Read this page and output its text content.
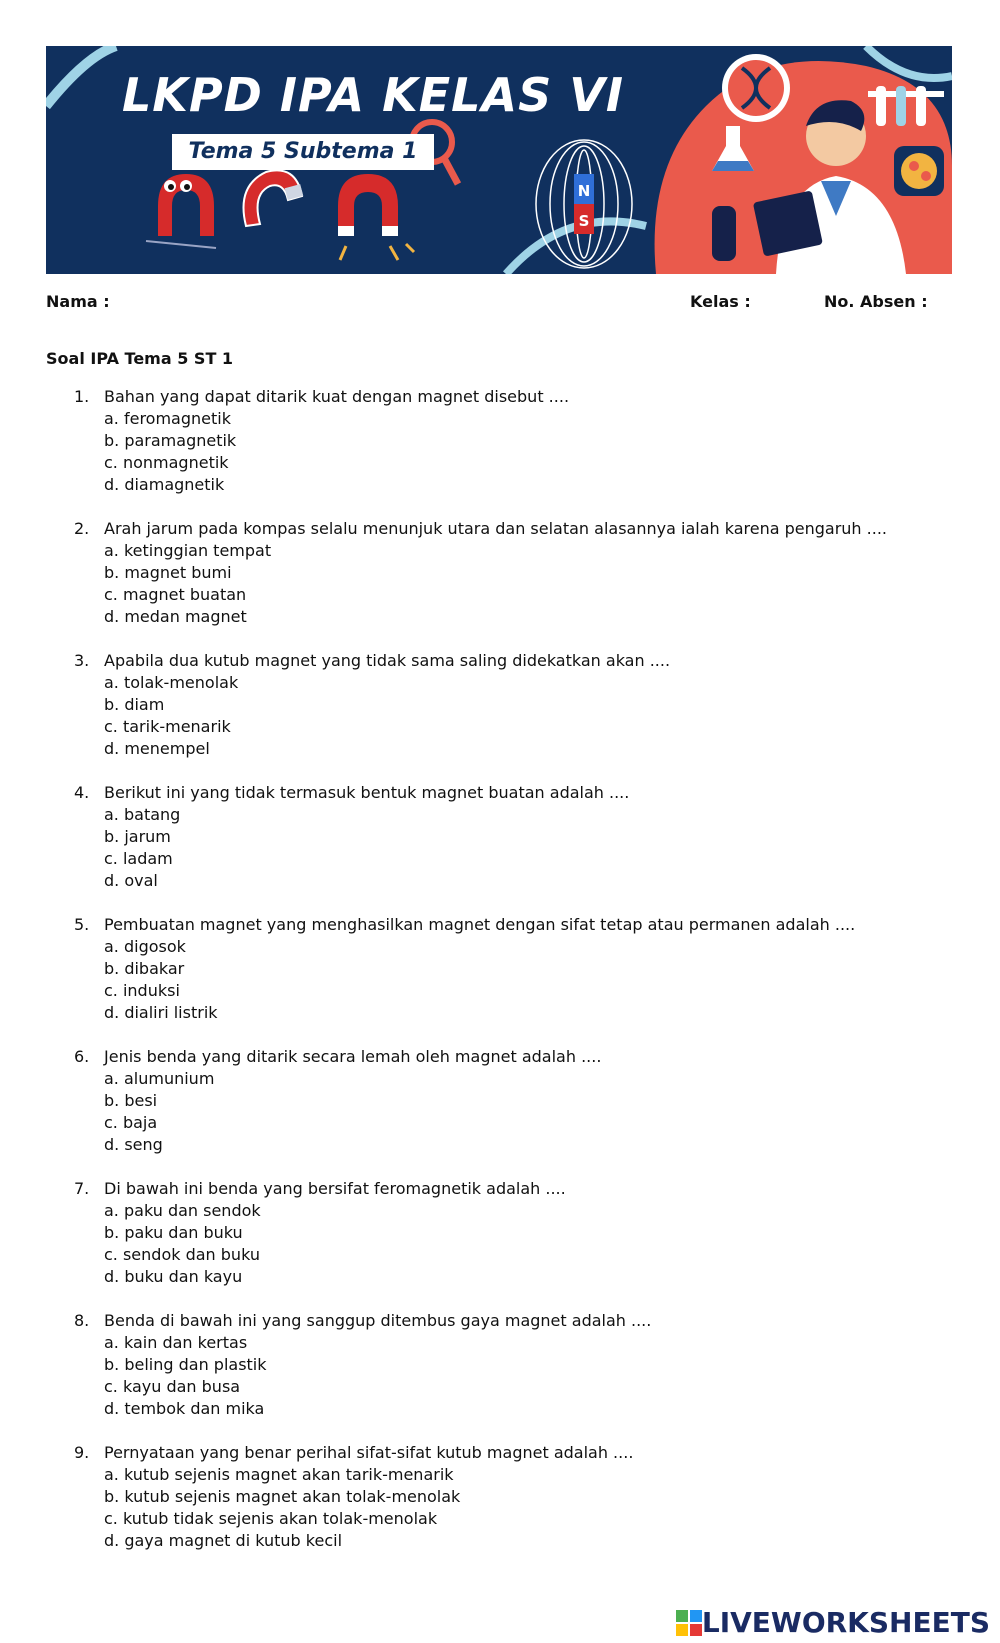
N
S
LKPD IPA KELAS VI
Tema 5 Subtema 1
Nama :	Kelas :	No. Absen :
Soal IPA Tema 5 ST 1
1. Bahan yang dapat ditarik kuat dengan magnet disebut ....
a. feromagnetik
b. paramagnetik
c. nonmagnetik
d. diamagnetik
2. Arah jarum pada kompas selalu menunjuk utara dan selatan alasannya ialah karena pengaruh ....
a. ketinggian tempat
b. magnet bumi
c. magnet buatan
d. medan magnet
3. Apabila dua kutub magnet yang tidak sama saling didekatkan akan ....
a. tolak-menolak
b. diam
c. tarik-menarik
d. menempel
4. Berikut ini yang tidak termasuk bentuk magnet buatan adalah ....
a. batang
b. jarum
c. ladam
d. oval
5. Pembuatan magnet yang menghasilkan magnet dengan sifat tetap atau permanen adalah ....
a. digosok
b. dibakar
c. induksi
d. dialiri listrik
6. Jenis benda yang ditarik secara lemah oleh magnet adalah ....
a. alumunium
b. besi
c. baja
d. seng
7. Di bawah ini benda yang bersifat feromagnetik adalah ....
a. paku dan sendok
b. paku dan buku
c. sendok dan buku
d. buku dan kayu
8. Benda di bawah ini yang sanggup ditembus gaya magnet adalah ....
a. kain dan kertas
b. beling dan plastik
c. kayu dan busa
d. tembok dan mika
9. Pernyataan yang benar perihal sifat-sifat kutub magnet adalah ....
a. kutub sejenis magnet akan tarik-menarik
b. kutub sejenis magnet akan tolak-menolak
c. kutub tidak sejenis akan tolak-menolak
d. gaya magnet di kutub kecil
LIVEWORKSHEETS
